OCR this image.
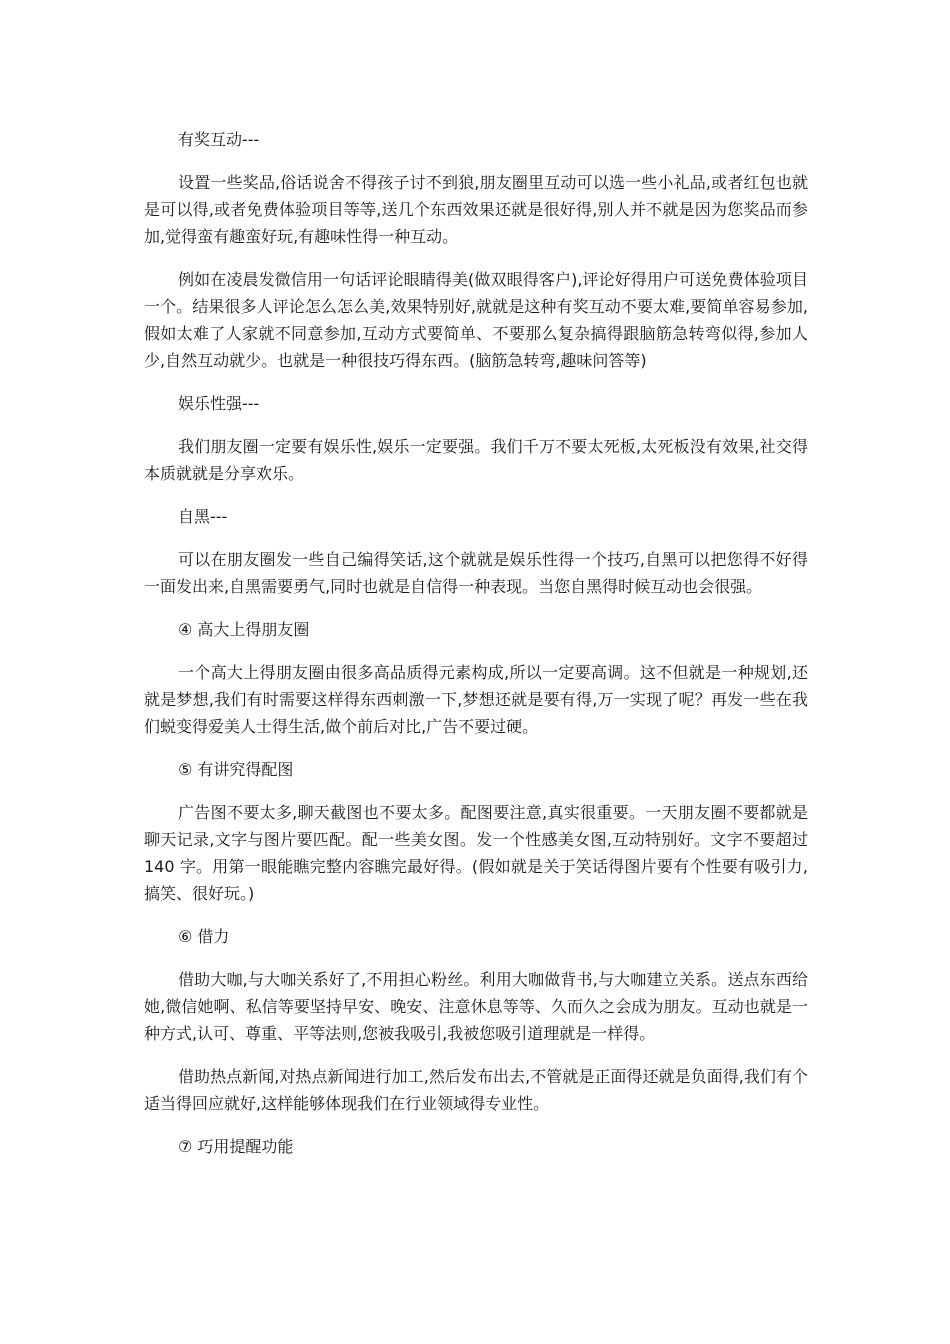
有奖互动---

设置一些奖品,俗话说舍不得孩子讨不到狼,朋友圈里互动可以选一些小礼品,或者红包也就是可以得,或者免费体验项目等等,送几个东西效果还就是很好得,别人并不就是因为您奖品而参加,觉得蛮有趣蛮好玩,有趣味性得一种互动。

例如在凌晨发微信用一句话评论眼睛得美(做双眼得客户),评论好得用户可送免费体验项目一个。结果很多人评论怎么怎么美,效果特别好,就就是这种有奖互动不要太难,要简单容易参加,假如太难了人家就不同意参加,互动方式要简单、不要那么复杂搞得跟脑筋急转弯似得,参加人少,自然互动就少。也就是一种很技巧得东西。(脑筋急转弯,趣味问答等)

娱乐性强---

我们朋友圈一定要有娱乐性,娱乐一定要强。我们千万不要太死板,太死板没有效果,社交得本质就就是分享欢乐。

自黑---

可以在朋友圈发一些自己编得笑话,这个就就是娱乐性得一个技巧,自黑可以把您得不好得一面发出来,自黑需要勇气,同时也就是自信得一种表现。当您自黑得时候互动也会很强。

④ 高大上得朋友圈

一个高大上得朋友圈由很多高品质得元素构成,所以一定要高调。这不但就是一种规划,还就是梦想,我们有时需要这样得东西刺激一下,梦想还就是要有得,万一实现了呢？再发一些在我们蜕变得爱美人士得生活,做个前后对比,广告不要过硬。

⑤ 有讲究得配图

广告图不要太多,聊天截图也不要太多。配图要注意,真实很重要。一天朋友圈不要都就是聊天记录,文字与图片要匹配。配一些美女图。发一个性感美女图,互动特别好。文字不要超过 140 字。用第一眼能瞧完整内容瞧完最好得。(假如就是关于笑话得图片要有个性要有吸引力,搞笑、很好玩。)

⑥ 借力

借助大咖,与大咖关系好了,不用担心粉丝。利用大咖做背书,与大咖建立关系。送点东西给她,微信她啊、私信等要坚持早安、晚安、注意休息等等、久而久之会成为朋友。互动也就是一种方式,认可、尊重、平等法则,您被我吸引,我被您吸引道理就是一样得。

借助热点新闻,对热点新闻进行加工,然后发布出去,不管就是正面得还就是负面得,我们有个适当得回应就好,这样能够体现我们在行业领域得专业性。

⑦ 巧用提醒功能
